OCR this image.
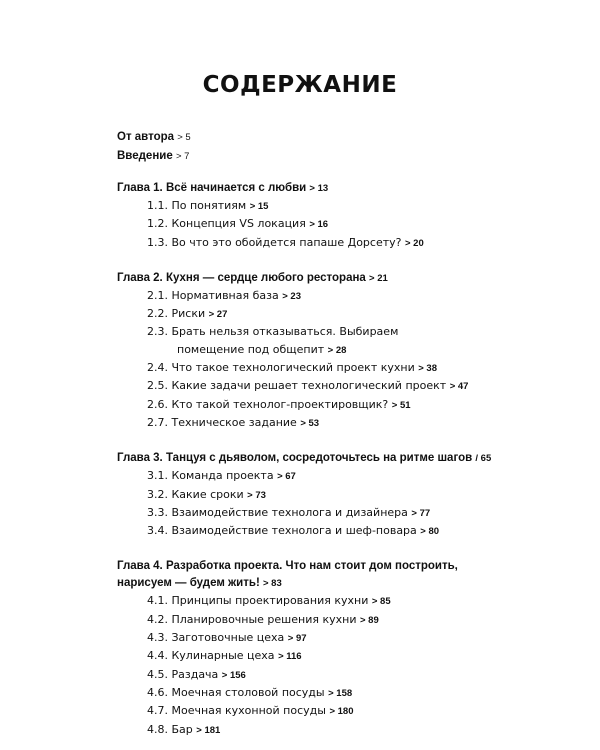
СОДЕРЖАНИЕ
От автора > 5
Введение > 7
Глава 1. Всё начинается с любви > 13
1.1. По понятиям > 15
1.2. Концепция VS локация > 16
1.3. Во что это обойдется папаше Дорсету? > 20
Глава 2. Кухня — сердце любого ресторана > 21
2.1. Нормативная база > 23
2.2. Риски > 27
2.3. Брать нельзя отказываться. Выбираем
помещение под общепит > 28
2.4. Что такое технологический проект кухни > 38
2.5. Какие задачи решает технологический проект > 47
2.6. Кто такой технолог-проектировщик? > 51
2.7. Техническое задание > 53
Глава 3. Танцуя с дьяволом, сосредоточьтесь на ритме шагов / 65
3.1. Команда проекта > 67
3.2. Какие сроки > 73
3.3. Взаимодействие технолога и дизайнера > 77
3.4. Взаимодействие технолога и шеф-повара > 80
Глава 4. Разработка проекта. Что нам стоит дом построить,
нарисуем — будем жить! > 83
4.1. Принципы проектирования кухни > 85
4.2. Планировочные решения кухни > 89
4.3. Заготовочные цеха > 97
4.4. Кулинарные цеха > 116
4.5. Раздача > 156
4.6. Моечная столовой посуды > 158
4.7. Моечная кухонной посуды > 180
4.8. Бар > 181
